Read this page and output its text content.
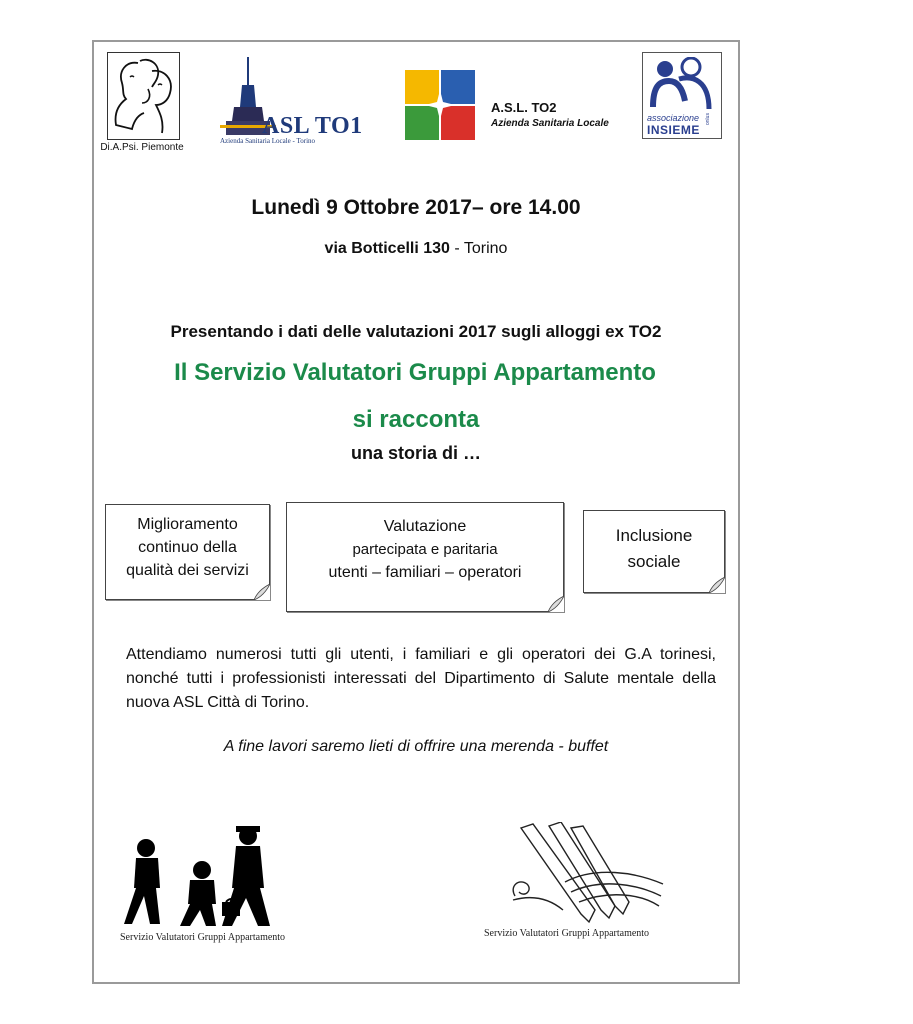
Di.A.Psi. Piemonte
ASL TO1
Azienda Sanitaria Locale - Torino
A.S.L. TO2
Azienda Sanitaria Locale	associazione
INSIEME
onlus
Lunedì 9 Ottobre 2017– ore 14.00
via Botticelli 130 - Torino
Presentando i dati delle valutazioni 2017 sugli alloggi ex TO2
Il Servizio Valutatori Gruppi Appartamento
si racconta
una storia di …
Miglioramento
continuo della
qualità dei servizi
Valutazione
partecipata e paritaria
utenti – familiari – operatori
Inclusione
sociale
Attendiamo numerosi tutti gli utenti, i familiari e gli operatori dei G.A torinesi, nonché tutti i professionisti interessati del Dipartimento di Salute mentale della nuova ASL Città di Torino.
A fine lavori saremo lieti di offrire una merenda - buffet
Servizio Valutatori Gruppi Appartamento	Servizio Valutatori Gruppi Appartamento
